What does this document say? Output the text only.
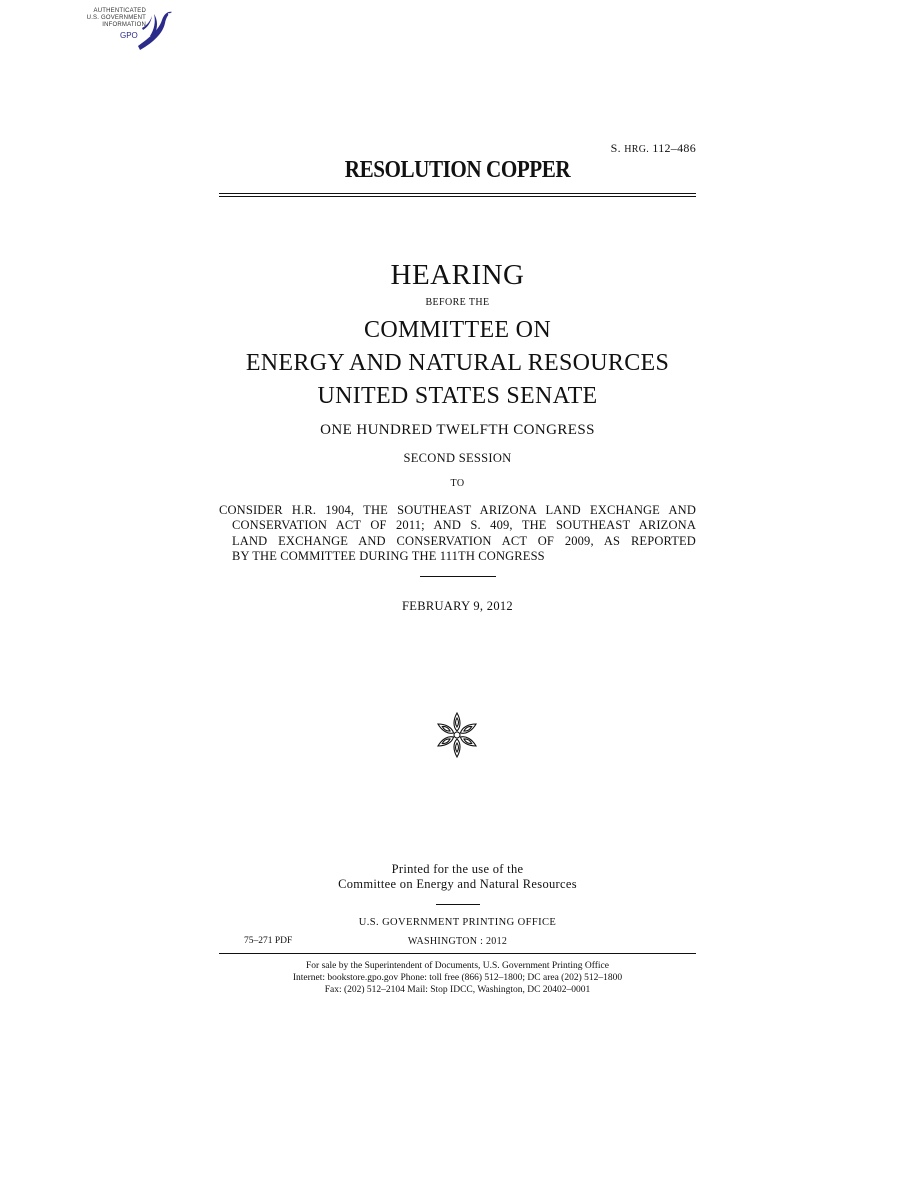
AUTHENTICATED
U.S. GOVERNMENT
INFORMATION
GPO
S. HRG. 112–486
RESOLUTION COPPER
HEARING
BEFORE THE
COMMITTEE ON
ENERGY AND NATURAL RESOURCES
UNITED STATES SENATE
ONE HUNDRED TWELFTH CONGRESS
SECOND SESSION
TO
CONSIDER H.R. 1904, THE SOUTHEAST ARIZONA LAND EXCHANGE AND
CONSERVATION ACT OF 2011; AND S. 409, THE SOUTHEAST ARIZONA
LAND EXCHANGE AND CONSERVATION ACT OF 2009, AS REPORTED
BY THE COMMITTEE DURING THE 111TH CONGRESS
FEBRUARY 9, 2012
Printed for the use of the
Committee on Energy and Natural Resources
U.S. GOVERNMENT PRINTING OFFICE
75–271 PDF	WASHINGTON : 2012
For sale by the Superintendent of Documents, U.S. Government Printing Office
Internet: bookstore.gpo.gov Phone: toll free (866) 512–1800; DC area (202) 512–1800
Fax: (202) 512–2104 Mail: Stop IDCC, Washington, DC 20402–0001
